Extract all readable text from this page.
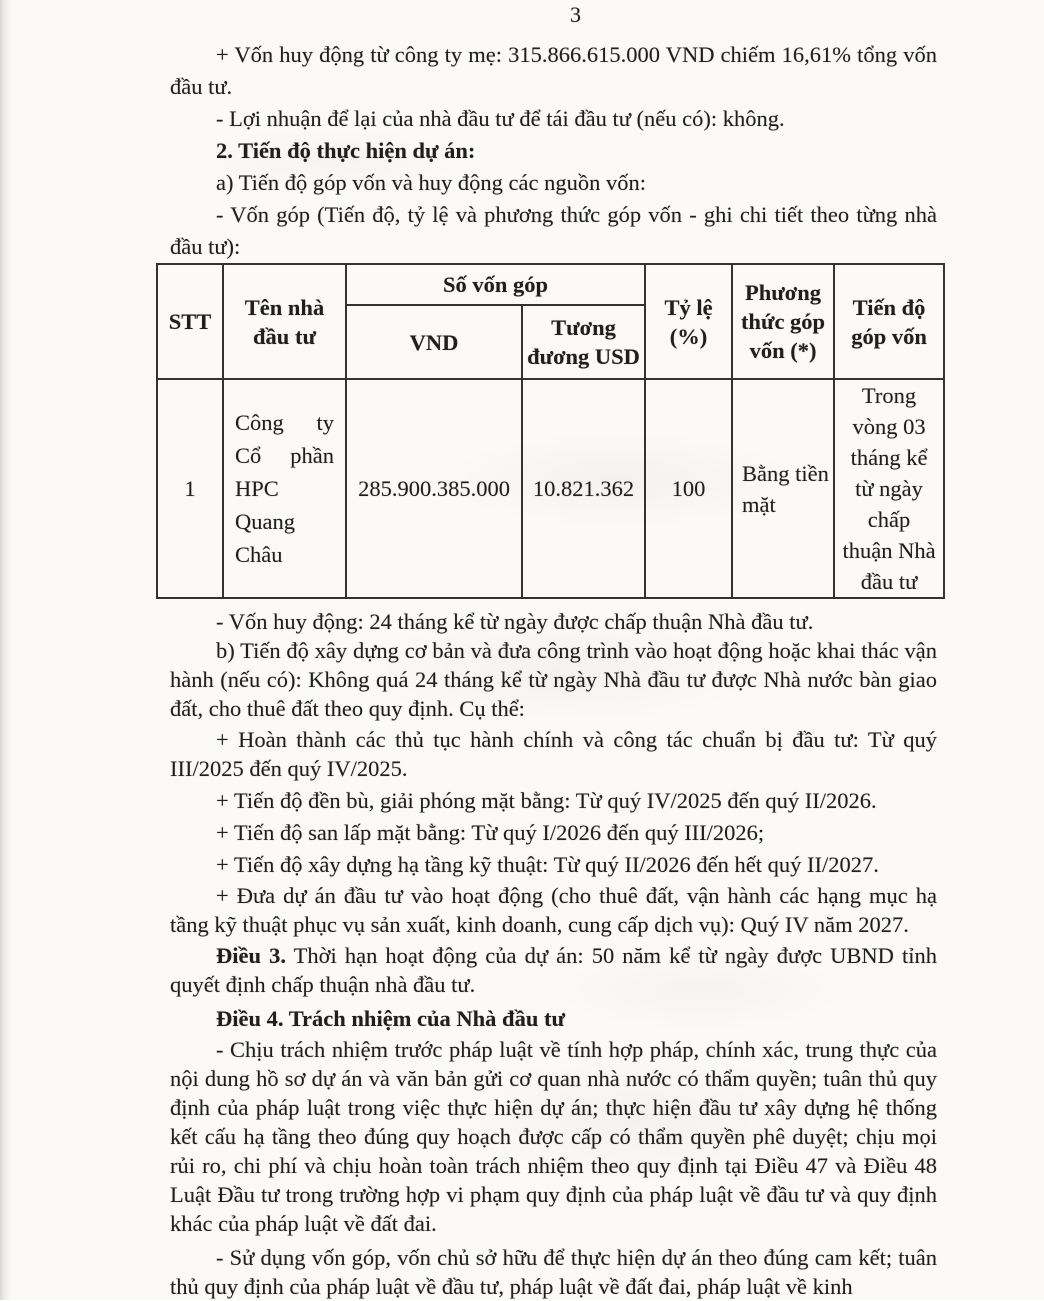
3

+ Vốn huy động từ công ty mẹ: 315.866.615.000 VND chiếm 16,61% tổng vốn đầu tư.

- Lợi nhuận để lại của nhà đầu tư để tái đầu tư (nếu có): không.

2. Tiến độ thực hiện dự án:

a) Tiến độ góp vốn và huy động các nguồn vốn:

- Vốn góp (Tiến độ, tỷ lệ và phương thức góp vốn - ghi chi tiết theo từng nhà đầu tư):

STT	Tên nhà đầu tư	Số vốn góp		Tỷ lệ (%)	Phương thức góp vốn (*)	Tiến độ góp vốn
		VND	Tương đương USD			
1	Công ty Cổ phần HPC Quang Châu	285.900.385.000	10.821.362	100	Bằng tiền mặt	Trong vòng 03 tháng kể từ ngày chấp thuận Nhà đầu tư

- Vốn huy động: 24 tháng kể từ ngày được chấp thuận Nhà đầu tư.

b) Tiến độ xây dựng cơ bản và đưa công trình vào hoạt động hoặc khai thác vận hành (nếu có): Không quá 24 tháng kể từ ngày Nhà đầu tư được Nhà nước bàn giao đất, cho thuê đất theo quy định. Cụ thể:

+ Hoàn thành các thủ tục hành chính và công tác chuẩn bị đầu tư: Từ quý III/2025 đến quý IV/2025.

+ Tiến độ đền bù, giải phóng mặt bằng: Từ quý IV/2025 đến quý II/2026.

+ Tiến độ san lấp mặt bằng: Từ quý I/2026 đến quý III/2026;

+ Tiến độ xây dựng hạ tầng kỹ thuật: Từ quý II/2026 đến hết quý II/2027.

+ Đưa dự án đầu tư vào hoạt động (cho thuê đất, vận hành các hạng mục hạ tầng kỹ thuật phục vụ sản xuất, kinh doanh, cung cấp dịch vụ): Quý IV năm 2027.

Điều 3. Thời hạn hoạt động của dự án: 50 năm kể từ ngày được UBND tỉnh quyết định chấp thuận nhà đầu tư.

Điều 4. Trách nhiệm của Nhà đầu tư

- Chịu trách nhiệm trước pháp luật về tính hợp pháp, chính xác, trung thực của nội dung hồ sơ dự án và văn bản gửi cơ quan nhà nước có thẩm quyền; tuân thủ quy định của pháp luật trong việc thực hiện dự án; thực hiện đầu tư xây dựng hệ thống kết cấu hạ tầng theo đúng quy hoạch được cấp có thẩm quyền phê duyệt; chịu mọi rủi ro, chi phí và chịu hoàn toàn trách nhiệm theo quy định tại Điều 47 và Điều 48 Luật Đầu tư trong trường hợp vi phạm quy định của pháp luật về đầu tư và quy định khác của pháp luật về đất đai.

- Sử dụng vốn góp, vốn chủ sở hữu để thực hiện dự án theo đúng cam kết; tuân thủ quy định của pháp luật về đầu tư, pháp luật về đất đai, pháp luật về kinh
